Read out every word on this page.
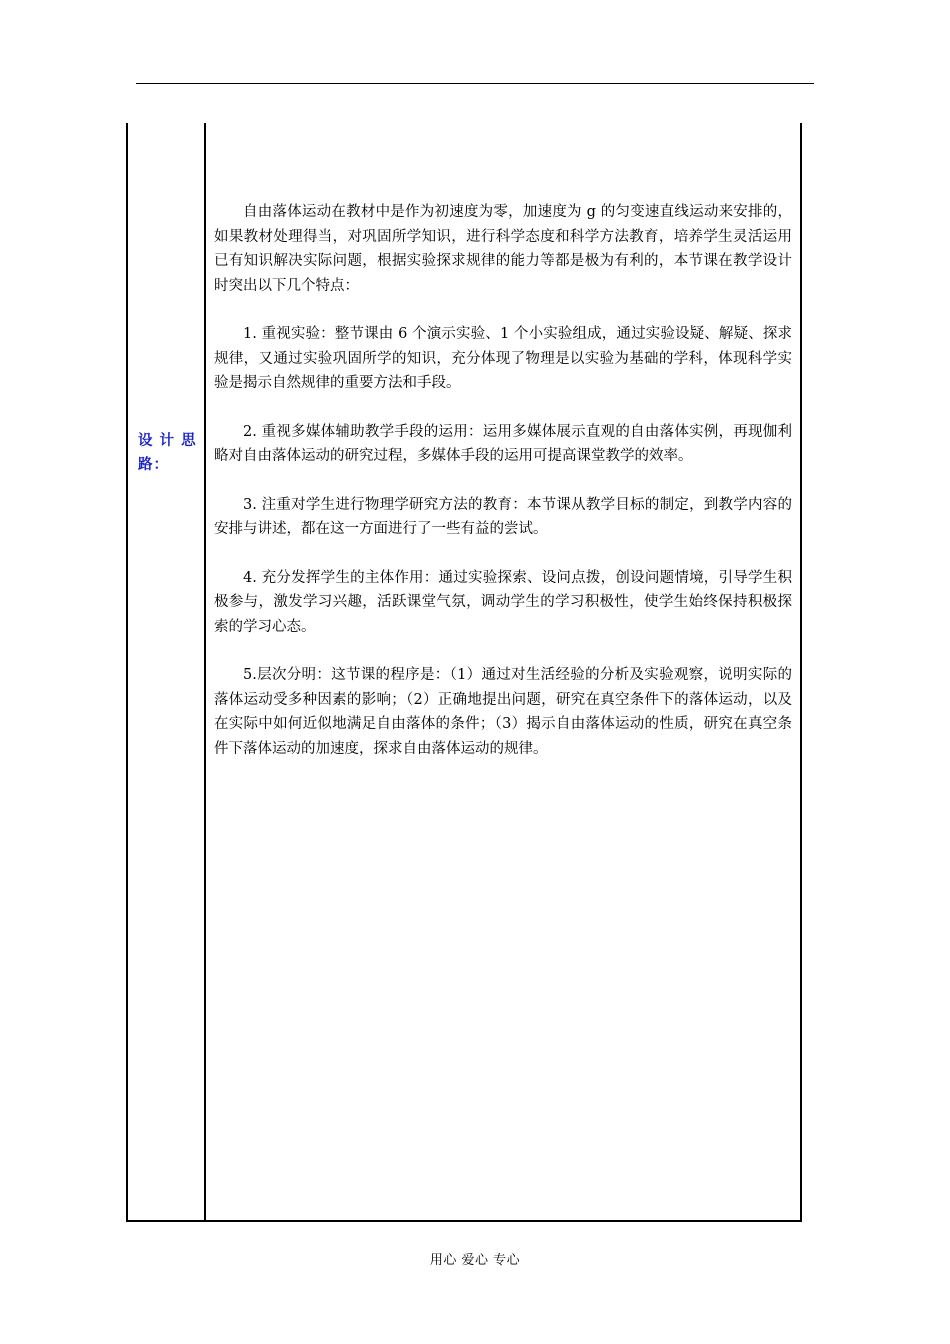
设 计 思 路：

自由落体运动在教材中是作为初速度为零，加速度为 g 的匀变速直线运动来安排的，如果教材处理得当，对巩固所学知识，进行科学态度和科学方法教育，培养学生灵活运用已有知识解决实际问题，根据实验探求规律的能力等都是极为有利的，本节课在教学设计时突出以下几个特点：

1. 重视实验：整节课由 6 个演示实验、1 个小实验组成，通过实验设疑、解疑、探求规律，又通过实验巩固所学的知识，充分体现了物理是以实验为基础的学科，体现科学实验是揭示自然规律的重要方法和手段。

2. 重视多媒体辅助教学手段的运用：运用多媒体展示直观的自由落体实例，再现伽利略对自由落体运动的研究过程，多媒体手段的运用可提高课堂教学的效率。

3. 注重对学生进行物理学研究方法的教育：本节课从教学目标的制定，到教学内容的安排与讲述，都在这一方面进行了一些有益的尝试。

4. 充分发挥学生的主体作用：通过实验探索、设问点拨，创设问题情境，引导学生积极参与，激发学习兴趣，活跃课堂气氛，调动学生的学习积极性，使学生始终保持积极探索的学习心态。

5.层次分明：这节课的程序是：（1）通过对生活经验的分析及实验观察，说明实际的落体运动受多种因素的影响；（2）正确地提出问题，研究在真空条件下的落体运动，以及在实际中如何近似地满足自由落体的条件；（3）揭示自由落体运动的性质，研究在真空条件下落体运动的加速度，探求自由落体运动的规律。

用心 爱心 专心
